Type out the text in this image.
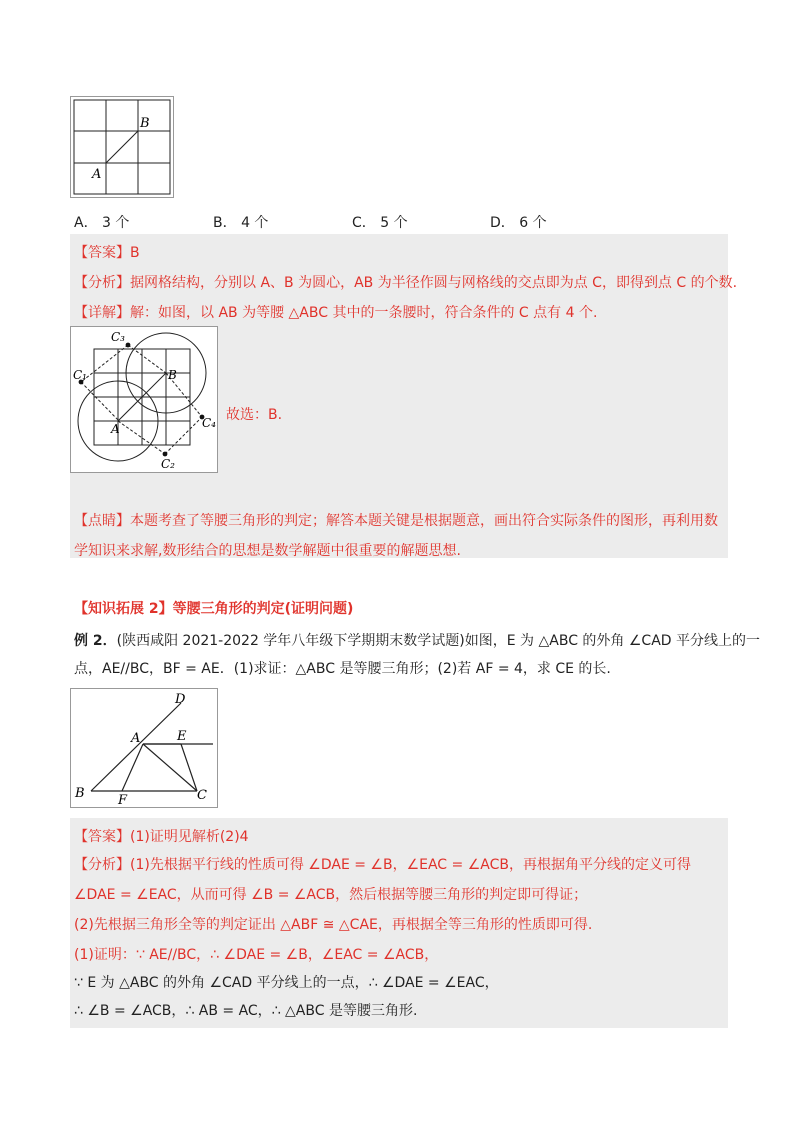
B
A
A． 3 个	B． 4 个	C． 5 个	D． 6 个
【答案】B
【分析】据网格结构，分别以 A、B 为圆心，AB 为半径作圆与网格线的交点即为点 C，即得到点 C 的个数.
【详解】解：如图，以 AB 为等腰 △ABC 其中的一条腰时，符合条件的 C 点有 4 个.
C₁
C₃
B
A	C₄
C₂
故选：B.
【点睛】本题考查了等腰三角形的判定；解答本题关键是根据题意，画出符合实际条件的图形，再利用数
学知识来求解,数形结合的思想是数学解题中很重要的解题思想.
【知识拓展 2】等腰三角形的判定(证明问题)
例 2．(陕西咸阳 2021-2022 学年八年级下学期期末数学试题)如图，E 为 △ABC 的外角 ∠CAD 平分线上的一
点，AE//BC，BF = AE．(1)求证：△ABC 是等腰三角形；(2)若 AF = 4，求 CE 的长.
D
A	E
B	F	C
【答案】(1)证明见解析(2)4
【分析】(1)先根据平行线的性质可得 ∠DAE = ∠B，∠EAC = ∠ACB，再根据角平分线的定义可得
∠DAE = ∠EAC，从而可得 ∠B = ∠ACB，然后根据等腰三角形的判定即可得证；
(2)先根据三角形全等的判定证出 △ABF ≅ △CAE，再根据全等三角形的性质即可得.
(1)证明：∵ AE//BC，∴ ∠DAE = ∠B，∠EAC = ∠ACB，
∵ E 为 △ABC 的外角 ∠CAD 平分线上的一点，∴ ∠DAE = ∠EAC，
∴ ∠B = ∠ACB，∴ AB = AC，∴ △ABC 是等腰三角形.
